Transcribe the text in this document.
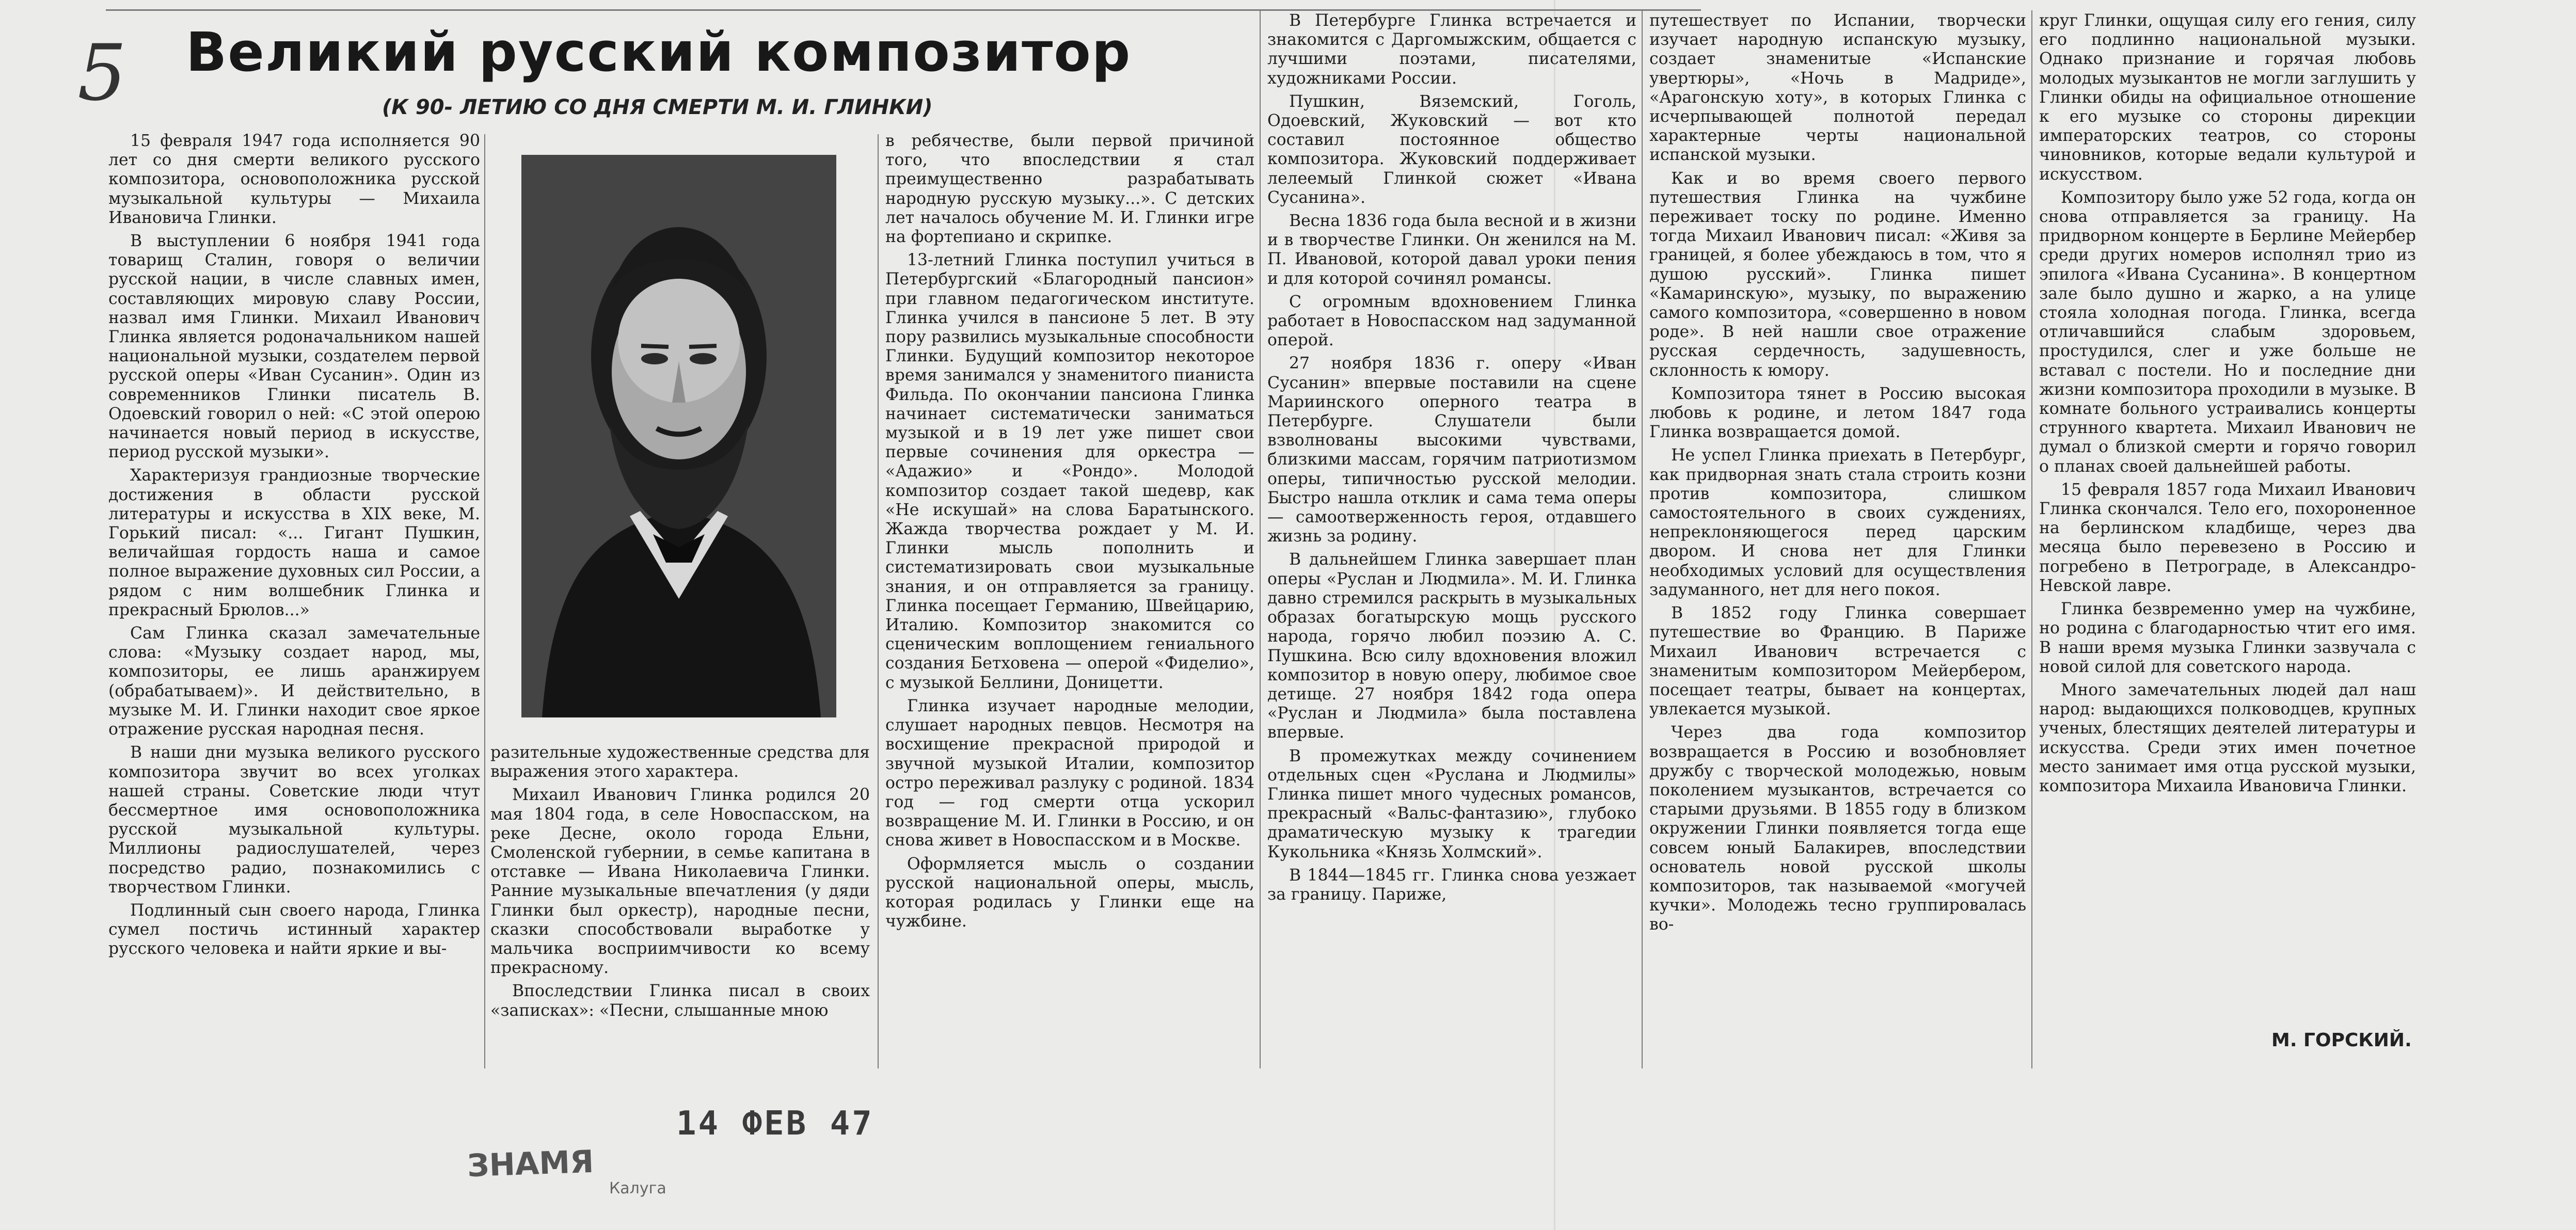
5 Великий русский композитор
(К 90- ЛЕТИЮ СО ДНЯ СМЕРТИ М. И. ГЛИНКИ)

15 февраля 1947 года исполняется 90 лет со дня смерти великого русского композитора, основоположника русской музыкальной культуры — Михаила Ивановича Глинки.

В выступлении 6 ноября 1941 года товарищ Сталин, говоря о величии русской нации, в числе славных имен, составляющих мировую славу России, назвал имя Глинки. Михаил Иванович Глинка является родоначальником нашей национальной музыки, создателем первой русской оперы «Иван Сусанин». Один из современников Глинки писатель В. Одоевский говорил о ней: «С этой оперою начинается новый период в искусстве, период русской музыки».

Характеризуя грандиозные творческие достижения в области русской литературы и искусства в XIX веке, М. Горький писал: «... Гигант Пушкин, величайшая гордость наша и самое полное выражение духовных сил России, а рядом с ним волшебник Глинка и прекрасный Брюлов...»

Сам Глинка сказал замечательные слова: «Музыку создает народ, мы, композиторы, ее лишь аранжируем (обрабатываем)». И действительно, в музыке М. И. Глинки находит свое яркое отражение русская народная песня.

В наши дни музыка великого русского композитора звучит во всех уголках нашей страны. Советские люди чтут бессмертное имя основоположника русской музыкальной культуры. Миллионы радиослушателей, через посредство радио, познакомились с творчеством Глинки.

Подлинный сын своего народа, Глинка сумел постичь истинный характер русского человека и найти яркие и вы-

разительные художественные средства для выражения этого характера.

Михаил Иванович Глинка родился 20 мая 1804 года, в селе Новоспасском, на реке Десне, около города Ельни, Смоленской губернии, в семье капитана в отставке — Ивана Николаевича Глинки. Ранние музыкальные впечатления (у дяди Глинки был оркестр), народные песни, сказки способствовали выработке у мальчика восприимчивости ко всему прекрасному.

Впоследствии Глинка писал в своих «записках»: «Песни, слышанные мною

в ребячестве, были первой причиной того, что впоследствии я стал преимущественно разрабатывать народную русскую музыку...». С детских лет началось обучение М. И. Глинки игре на фортепиано и скрипке.

13-летний Глинка поступил учиться в Петербургский «Благородный пансион» при главном педагогическом институте. Глинка учился в пансионе 5 лет. В эту пору развились музыкальные способности Глинки. Будущий композитор некоторое время занимался у знаменитого пианиста Фильда. По окончании пансиона Глинка начинает систематически заниматься музыкой и в 19 лет уже пишет свои первые сочинения для оркестра — «Адажио» и «Рондо». Молодой композитор создает такой шедевр, как «Не искушай» на слова Баратынского. Жажда творчества рождает у М. И. Глинки мысль пополнить и систематизировать свои музыкальные знания, и он отправляется за границу. Глинка посещает Германию, Швейцарию, Италию. Композитор знакомится со сценическим воплощением гениального создания Бетховена — оперой «Фиделио», с музыкой Беллини, Доницетти.

Глинка изучает народные мелодии, слушает народных певцов. Несмотря на восхищение прекрасной природой и звучной музыкой Италии, композитор остро переживал разлуку с родиной. 1834 год — год смерти отца ускорил возвращение М. И. Глинки в Россию, и он снова живет в Новоспасском и в Москве.

Оформляется мысль о создании русской национальной оперы, мысль, которая родилась у Глинки еще на чужбине.

В Петербурге Глинка встречается и знакомится с Даргомыжским, общается с лучшими поэтами, писателями, художниками России.

Пушкин, Вяземский, Гоголь, Одоевский, Жуковский — вот кто составил постоянное общество композитора. Жуковский поддерживает лелеемый Глинкой сюжет «Ивана Сусанина».

Весна 1836 года была весной и в жизни и в творчестве Глинки. Он женился на М. П. Ивановой, которой давал уроки пения и для которой сочинял романсы.

С огромным вдохновением Глинка работает в Новоспасском над задуманной оперой.

27 ноября 1836 г. оперу «Иван Сусанин» впервые поставили на сцене Мариинского оперного театра в Петербурге. Слушатели были взволнованы высокими чувствами, близкими массам, горячим патриотизмом оперы, типичностью русской мелодии. Быстро нашла отклик и сама тема оперы — самоотверженность героя, отдавшего жизнь за родину.

В дальнейшем Глинка завершает план оперы «Руслан и Людмила». М. И. Глинка давно стремился раскрыть в музыкальных образах богатырскую мощь русского народа, горячо любил поэзию А. С. Пушкина. Всю силу вдохновения вложил композитор в новую оперу, любимое свое детище. 27 ноября 1842 года опера «Руслан и Людмила» была поставлена впервые.

В промежутках между сочинением отдельных сцен «Руслана и Людмилы» Глинка пишет много чудесных романсов, прекрасный «Вальс-фантазию», глубоко драматическую музыку к трагедии Кукольника «Князь Холмский».

В 1844—1845 гг. Глинка снова уезжает за границу. Париже,

путешествует по Испании, творчески изучает народную испанскую музыку, создает знаменитые «Испанские увертюры», «Ночь в Мадриде», «Арагонскую хоту», в которых Глинка с исчерпывающей полнотой передал характерные черты национальной испанской музыки.

Как и во время своего первого путешествия Глинка на чужбине переживает тоску по родине. Именно тогда Михаил Иванович писал: «Живя за границей, я более убеждаюсь в том, что я душою русский». Глинка пишет «Камаринскую», музыку, по выражению самого композитора, «совершенно в новом роде». В ней нашли свое отражение русская сердечность, задушевность, склонность к юмору.

Композитора тянет в Россию высокая любовь к родине, и летом 1847 года Глинка возвращается домой.

Не успел Глинка приехать в Петербург, как придворная знать стала строить козни против композитора, слишком самостоятельного в своих суждениях, непреклоняющегося перед царским двором. И снова нет для Глинки необходимых условий для осуществления задуманного, нет для него покоя.

В 1852 году Глинка совершает путешествие во Францию. В Париже Михаил Иванович встречается с знаменитым композитором Мейербером, посещает театры, бывает на концертах, увлекается музыкой.

Через два года композитор возвращается в Россию и возобновляет дружбу с творческой молодежью, новым поколением музыкантов, встречается со старыми друзьями. В 1855 году в близком окружении Глинки появляется тогда еще совсем юный Балакирев, впоследствии основатель новой русской школы композиторов, так называемой «могучей кучки». Молодежь тесно группировалась во-

круг Глинки, ощущая силу его гения, силу его подлинно национальной музыки. Однако признание и горячая любовь молодых музыкантов не могли заглушить у Глинки обиды на официальное отношение к его музыке со стороны дирекции императорских театров, со стороны чиновников, которые ведали культурой и искусством.

Композитору было уже 52 года, когда он снова отправляется за границу. На придворном концерте в Берлине Мейербер среди других номеров исполнял трио из эпилога «Ивана Сусанина». В концертном зале было душно и жарко, а на улице стояла холодная погода. Глинка, всегда отличавшийся слабым здоровьем, простудился, слег и уже больше не вставал с постели. Но и последние дни жизни композитора проходили в музыке. В комнате больного устраивались концерты струнного квартета. Михаил Иванович не думал о близкой смерти и горячо говорил о планах своей дальнейшей работы.

15 февраля 1857 года Михаил Иванович Глинка скончался. Тело его, похороненное на берлинском кладбище, через два месяца было перевезено в Россию и погребено в Петрограде, в Александро-Невской лавре.

Глинка безвременно умер на чужбине, но родина с благодарностью чтит его имя. В наши время музыка Глинки зазвучала с новой силой для советского народа.

Много замечательных людей дал наш народ: выдающихся полководцев, крупных ученых, блестящих деятелей литературы и искусства. Среди этих имен почетное место занимает имя отца русской музыки, композитора Михаила Ивановича Глинки.

М. ГОРСКИЙ.
14 ФЕВ 47
ЗНАМЯ
Калуга
